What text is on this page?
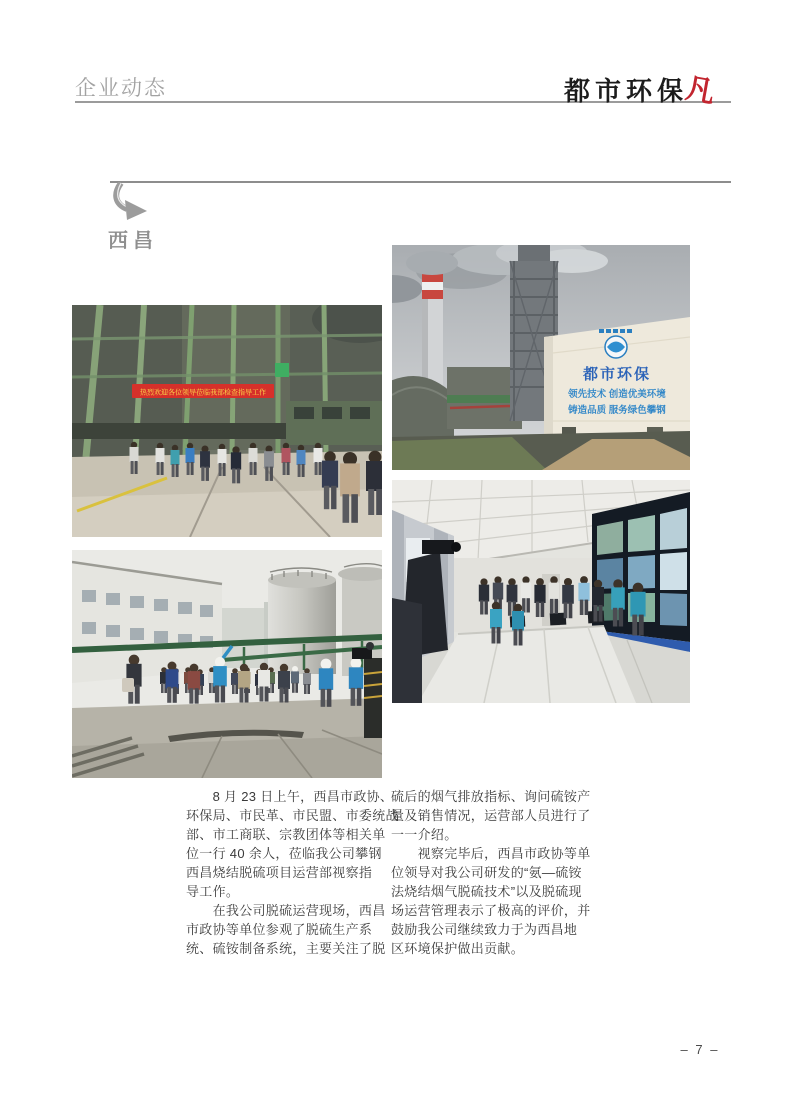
企业动态	都市环保凡
西昌
热烈欢迎各位领导莅临我部检查指导工作
都市环保
领先技术 创造优美环境
铸造品质 服务绿色攀钢
　　8 月 23 日上午，西昌市政协、
环保局、市民革、市民盟、市委统战
部、市工商联、宗教团体等相关单
位一行 40 余人，莅临我公司攀钢
西昌烧结脱硫项目运营部视察指
导工作。
　　在我公司脱硫运营现场，西昌
市政协等单位参观了脱硫生产系
统、硫铵制备系统，主要关注了脱
硫后的烟气排放指标、询问硫铵产
量及销售情况，运营部人员进行了
一一介绍。
　　视察完毕后，西昌市政协等单
位领导对我公司研发的“氨—硫铵
法烧结烟气脱硫技术”以及脱硫现
场运营管理表示了极高的评价，并
鼓励我公司继续致力于为西昌地
区环境保护做出贡献。
– 7 –
